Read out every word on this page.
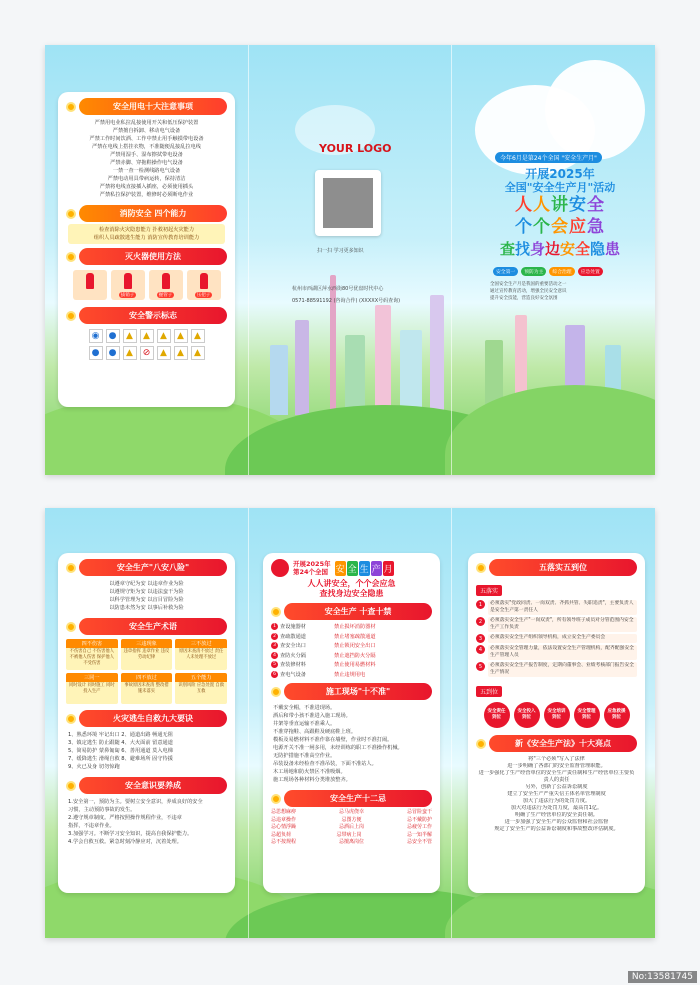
安全用电十大注意事项
严禁用电业私拉乱接使用开关和低压保护装置
严禁擅自拆卸、移动电气设备
严禁工作时间饮酒、工作中禁止用手触摸带电设备
严禁在电线上搭挂衣物，不准随便乱接乱拉电线
严禁用湿手、湿布擦拭带电设备
严禁赤脚、穿拖鞋操作电气设备
一禁一查一检测线路电气设备
严禁电动用具带病运转，保持清洁
严禁将电线直接插入插座，必须使用插头
严禁私拉保护装置，维修时必须断电作业
消防安全 四个能力
检查消除火灾隐患能力 扑救初起火灾能力
组织人员疏散逃生能力 消防宣传教育培训能力
灭火器使用方法
拔销子	握管子	压把子
安全警示标志
◉	●	▲	▲	▲	▲	▲
●	●	▲	⊘	▲	▲	▲
YOUR LOGO
扫一扫 学习更多知识
杭州市西湖区萍水西街80号优盘时代中心
0571-88591192 (咨询合作) (XXXXX号码查询)
今年6月是第24个全国 "安全生产月"
开展2025年
全国"安全生产月"活动
人人讲安全
个个会应急
查找身边安全隐患
安全第一	预防为主	综合治理	应急处置
全国安全生产月是我国的重要活动之一
通过宣传教育活动，增强全民安全意识
提升安全技能，营造良好安全氛围
安全生产"八安八险"
以遵章守纪为安 以违章作业为险
以遵规守矩为安 以违法蛮干为险
以科学管理为安 以盲目冒险为险
以防患未然为安 以事后补救为险
安全生产术语
四不伤害
不伤害自己 不伤害他人 不被他人伤害 保护他人不受伤害
三违现象
违章指挥 违章作业 违反劳动纪律
三不放过
原因未查清不放过 责任人未处理不放过
三同一
同时设计 同时施工 同时投入生产
四不放过
事故原因未查清 整改措施未落实
五个能力
识别风险 应急处置 自救互救
火灾逃生自救九大要诀
1、熟悉环境 牢记出口 2、通道出路 畅通无阻
3、镇定逃生 防止跟随 4、大火面前 留意通道
5、简易防护 蒙鼻匍匐 6、善用通道 莫入电梯
7、缓降逃生 滑绳自救 8、避难场所 固守待援
9、火已及身 切勿惊跑
安全意识要养成
1.安全第一，预防为主。要树立安全意识，养成良好的安全
习惯，主动预防事故的发生。
2.遵守规章制度。严格按照操作规程作业，不违章
指挥，不违章作业。
3.加强学习。不断学习安全知识，提高自我保护能力。
4.学会自救互救。紧急时刻冷静应对，沉着处理。
开展2025年
第24个全国 安 全 生 产 月
人人讲安全，个个会应急
查找身边安全隐患
安全生产 十查十禁
1 查设施器材	禁止损坏消防器材
2 查疏散通道	禁止堵塞疏散通道
3 查安全出口	禁止锁闭安全出口
4 查防火分隔	禁止遮挡防火分隔
5 查装修材料	禁止使用易燃材料
6 查电气设备	禁止违规用电
施工现场"十不准"
不戴安全帽，不准进现场。
酒后和带小孩不准进入施工现场。
井架等垂直运输不准乘人。
不准穿拖鞋、高跟鞋及硬底鞋上班。
模板及易燃材料不准作靠在墙壁，作业时不准打闹。
电源开关不准一闸多用，未经训练的职工不准操作机械。
无防护措施不准高空作业。
吊装设备未经检查不准吊装，下面不准站人。
木工场地和防火禁区不准吸烟。
施工现场各种材料分类堆放整齐。
安全生产十二忌
忌思想麻痹	忌马虎侥幸	忌冒险蛮干
忌违章操作	忌图方便	忌不戴防护
忌心情浮躁	忌酒后上岗	忌疲劳工作
忌超负荷	忌带病上岗	忌一知半解
忌不按规程	忌擅离岗位	忌安全不管
五落实五到位
五落实
1	必须落实"党政同责、一岗双责、齐抓共管、失职追责"，主要负责人是安全生产第一责任人
2	必须落实安全生产"一岗双责"，所有领导班子成员对分管范围内安全生产工作负责
3	必须落实安全生产组织领导机构，成立安全生产委员会
4	必须落实安全管理力量，依法设置安全生产管理机构，配齐配强安全生产管理人员
5	必须落实安全生产报告制度，定期向董事会、业绩考核部门报告安全生产情况
五到位
安全责任到位
安全投入到位
安全培训到位
安全管理到位
应急救援到位
新《安全生产法》十大亮点
将"三个必须"写入了法律
进一步明确了各部门的安全监督管理职能。
进一步强化了生产经营单位的安全生产责任制和生产经营单位主要负责人的责任
另外，创新了公益诉讼制度
建立了安全生产严重失信主体名单管理制度
加大了违法行为的处罚力度。
加大对违法行为处罚力度，最高罚1亿。
明确了生产经营单位的安全责任制。
进一步加强了安全生产的公众监督和社会监督
规定了安全生产的公益诉讼制度和事故整改评估制度。
No:13581745
